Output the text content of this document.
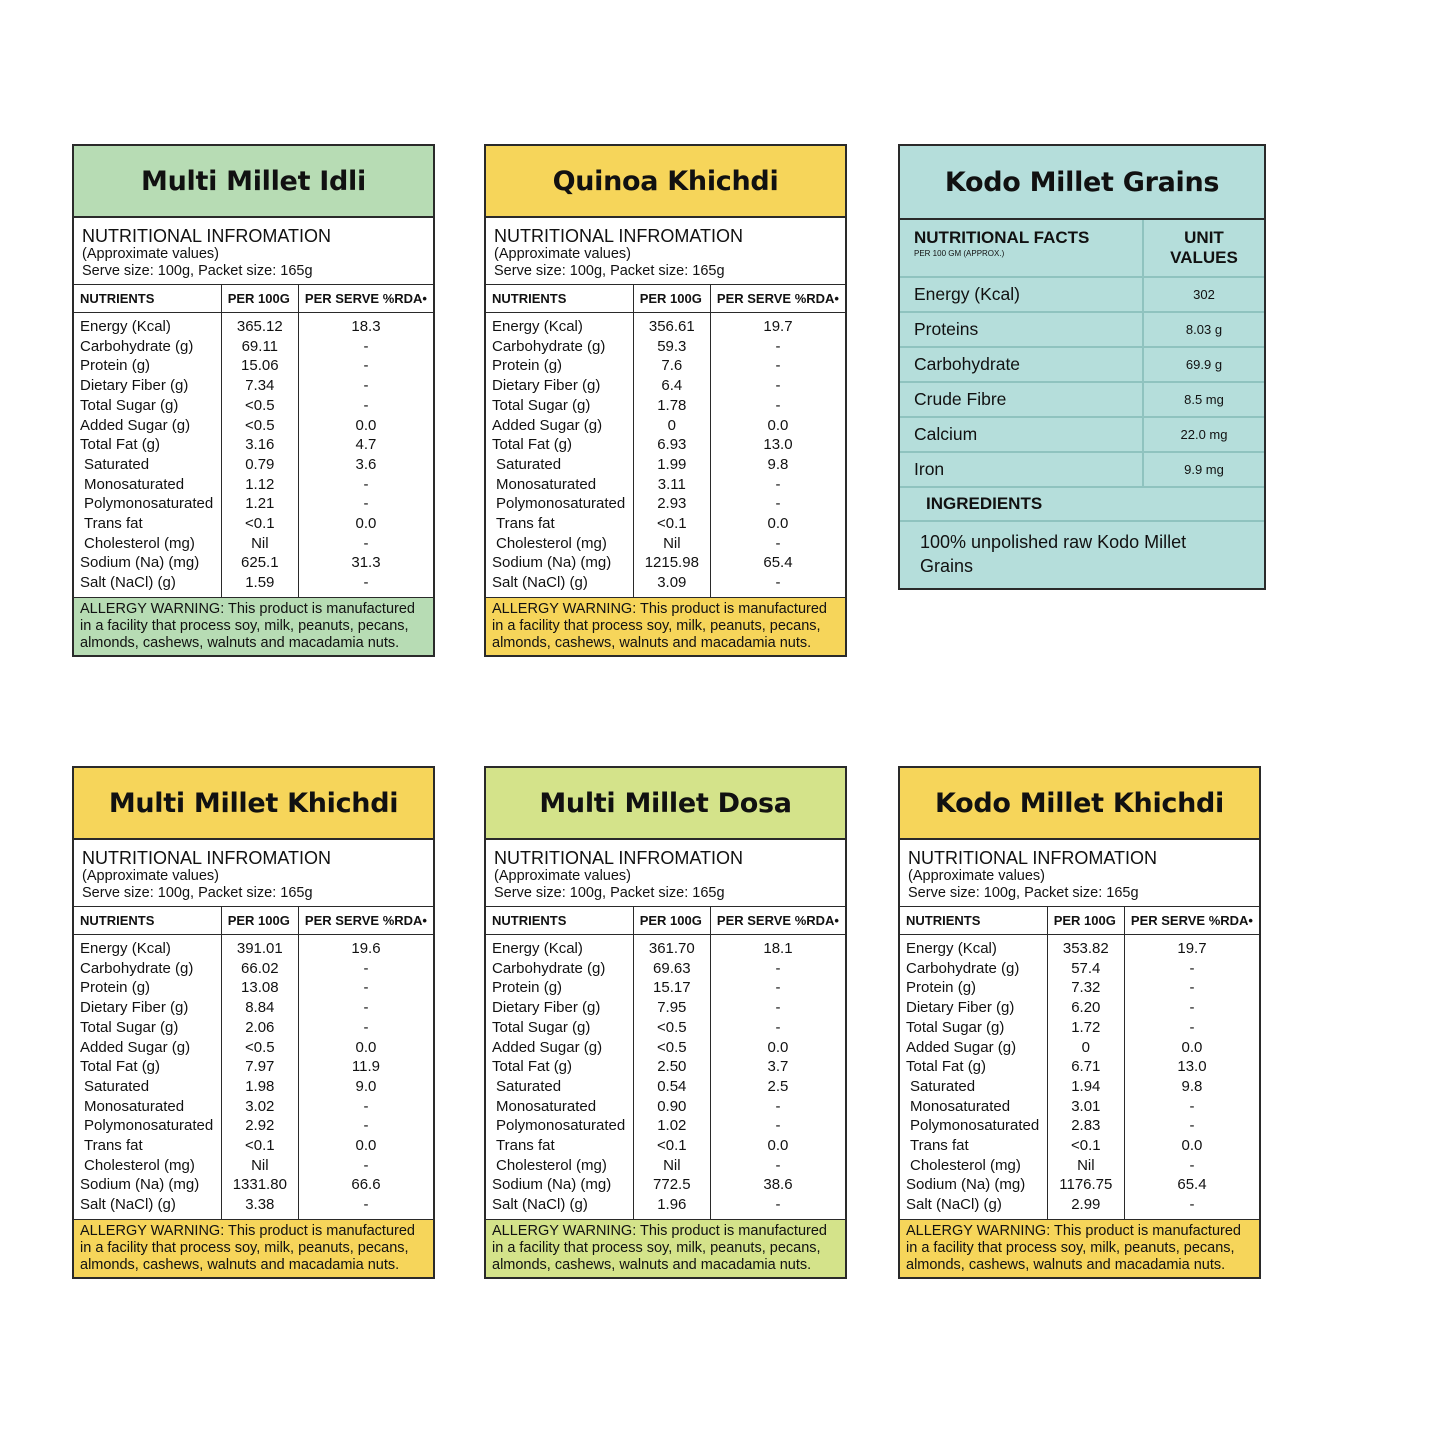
Multi Millet Idli
NUTRITIONAL INFROMATION
(Approximate values)
Serve size: 100g, Packet size: 165g
NUTRIENTS	PER 100G	PER SERVE %RDA•
Energy (Kcal)	365.12	18.3
Carbohydrate (g)	69.11	-
Protein (g)	15.06	-
Dietary Fiber (g)	7.34	-
Total Sugar (g)	<0.5	-
Added Sugar (g)	<0.5	0.0
Total Fat (g)	3.16	4.7
Saturated	0.79	3.6
Monosaturated	1.12	-
Polymonosaturated	1.21	-
Trans fat	<0.1	0.0
Cholesterol (mg)	Nil	-
Sodium (Na) (mg)	625.1	31.3
Salt (NaCl) (g)	1.59	-
ALLERGY WARNING: This product is manufactured in a facility that process soy, milk, peanuts, pecans, almonds, cashews, walnuts and macadamia nuts.
Quinoa Khichdi
NUTRITIONAL INFROMATION
(Approximate values)
Serve size: 100g, Packet size: 165g
NUTRIENTS	PER 100G	PER SERVE %RDA•
Energy (Kcal)	356.61	19.7
Carbohydrate (g)	59.3	-
Protein (g)	7.6	-
Dietary Fiber (g)	6.4	-
Total Sugar (g)	1.78	-
Added Sugar (g)	0	0.0
Total Fat (g)	6.93	13.0
Saturated	1.99	9.8
Monosaturated	3.11	-
Polymonosaturated	2.93	-
Trans fat	<0.1	0.0
Cholesterol (mg)	Nil	-
Sodium (Na) (mg)	1215.98	65.4
Salt (NaCl) (g)	3.09	-
ALLERGY WARNING: This product is manufactured in a facility that process soy, milk, peanuts, pecans, almonds, cashews, walnuts and macadamia nuts.
Multi Millet Khichdi
NUTRITIONAL INFROMATION
(Approximate values)
Serve size: 100g, Packet size: 165g
NUTRIENTS	PER 100G	PER SERVE %RDA•
Energy (Kcal)	391.01	19.6
Carbohydrate (g)	66.02	-
Protein (g)	13.08	-
Dietary Fiber (g)	8.84	-
Total Sugar (g)	2.06	-
Added Sugar (g)	<0.5	0.0
Total Fat (g)	7.97	11.9
Saturated	1.98	9.0
Monosaturated	3.02	-
Polymonosaturated	2.92	-
Trans fat	<0.1	0.0
Cholesterol (mg)	Nil	-
Sodium (Na) (mg)	1331.80	66.6
Salt (NaCl) (g)	3.38	-
ALLERGY WARNING: This product is manufactured in a facility that process soy, milk, peanuts, pecans, almonds, cashews, walnuts and macadamia nuts.
Multi Millet Dosa
NUTRITIONAL INFROMATION
(Approximate values)
Serve size: 100g, Packet size: 165g
NUTRIENTS	PER 100G	PER SERVE %RDA•
Energy (Kcal)	361.70	18.1
Carbohydrate (g)	69.63	-
Protein (g)	15.17	-
Dietary Fiber (g)	7.95	-
Total Sugar (g)	<0.5	-
Added Sugar (g)	<0.5	0.0
Total Fat (g)	2.50	3.7
Saturated	0.54	2.5
Monosaturated	0.90	-
Polymonosaturated	1.02	-
Trans fat	<0.1	0.0
Cholesterol (mg)	Nil	-
Sodium (Na) (mg)	772.5	38.6
Salt (NaCl) (g)	1.96	-
ALLERGY WARNING: This product is manufactured in a facility that process soy, milk, peanuts, pecans, almonds, cashews, walnuts and macadamia nuts.
Kodo Millet Khichdi
NUTRITIONAL INFROMATION
(Approximate values)
Serve size: 100g, Packet size: 165g
NUTRIENTS	PER 100G	PER SERVE %RDA•
Energy (Kcal)	353.82	19.7
Carbohydrate (g)	57.4	-
Protein (g)	7.32	-
Dietary Fiber (g)	6.20	-
Total Sugar (g)	1.72	-
Added Sugar (g)	0	0.0
Total Fat (g)	6.71	13.0
Saturated	1.94	9.8
Monosaturated	3.01	-
Polymonosaturated	2.83	-
Trans fat	<0.1	0.0
Cholesterol (mg)	Nil	-
Sodium (Na) (mg)	1176.75	65.4
Salt (NaCl) (g)	2.99	-
ALLERGY WARNING: This product is manufactured in a facility that process soy, milk, peanuts, pecans, almonds, cashews, walnuts and macadamia nuts.
Kodo Millet Grains
NUTRITIONAL FACTS
PER 100 GM (APPROX.)	UNIT VALUES
Energy (Kcal)	302
Proteins	8.03 g
Carbohydrate	69.9 g
Crude Fibre	8.5 mg
Calcium	22.0 mg
Iron	9.9 mg
INGREDIENTS	
100% unpolished raw Kodo Millet Grains
